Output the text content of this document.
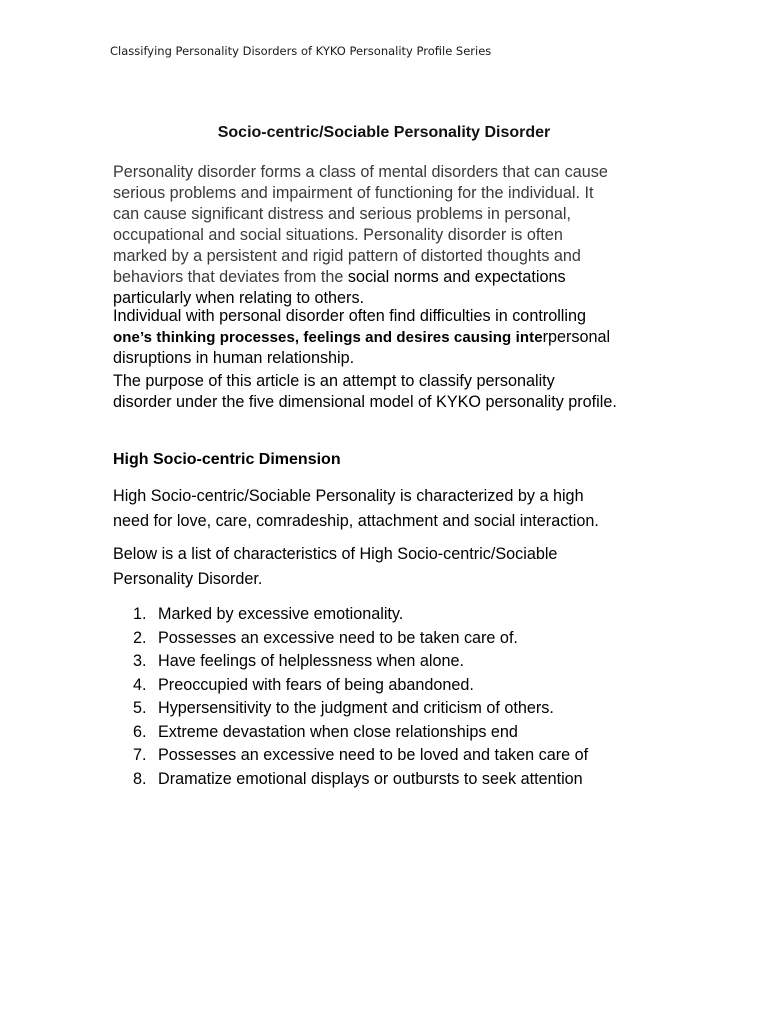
Classifying Personality Disorders of KYKO Personality Profile Series
Socio-centric/Sociable Personality Disorder
Personality disorder forms a class of mental disorders that can cause
serious problems and impairment of functioning for the individual. It
can cause significant distress and serious problems in personal,
occupational and social situations. Personality disorder is often
marked by a persistent and rigid pattern of distorted thoughts and
behaviors that deviates from the social norms and expectations
particularly when relating to others.
Individual with personal disorder often find difficulties in controlling
one’s thinking processes, feelings and desires causing interpersonal
disruptions in human relationship.
The purpose of this article is an attempt to classify personality
disorder under the five dimensional model of KYKO personality profile.
High Socio-centric Dimension
High Socio-centric/Sociable Personality is characterized by a high
need for love, care, comradeship, attachment and social interaction.
Below is a list of characteristics of High Socio-centric/Sociable
Personality Disorder.
1. Marked by excessive emotionality.
2. Possesses an excessive need to be taken care of.
3. Have feelings of helplessness when alone.
4. Preoccupied with fears of being abandoned.
5. Hypersensitivity to the judgment and criticism of others.
6. Extreme devastation when close relationships end
7. Possesses an excessive need to be loved and taken care of
8. Dramatize emotional displays or outbursts to seek attention
